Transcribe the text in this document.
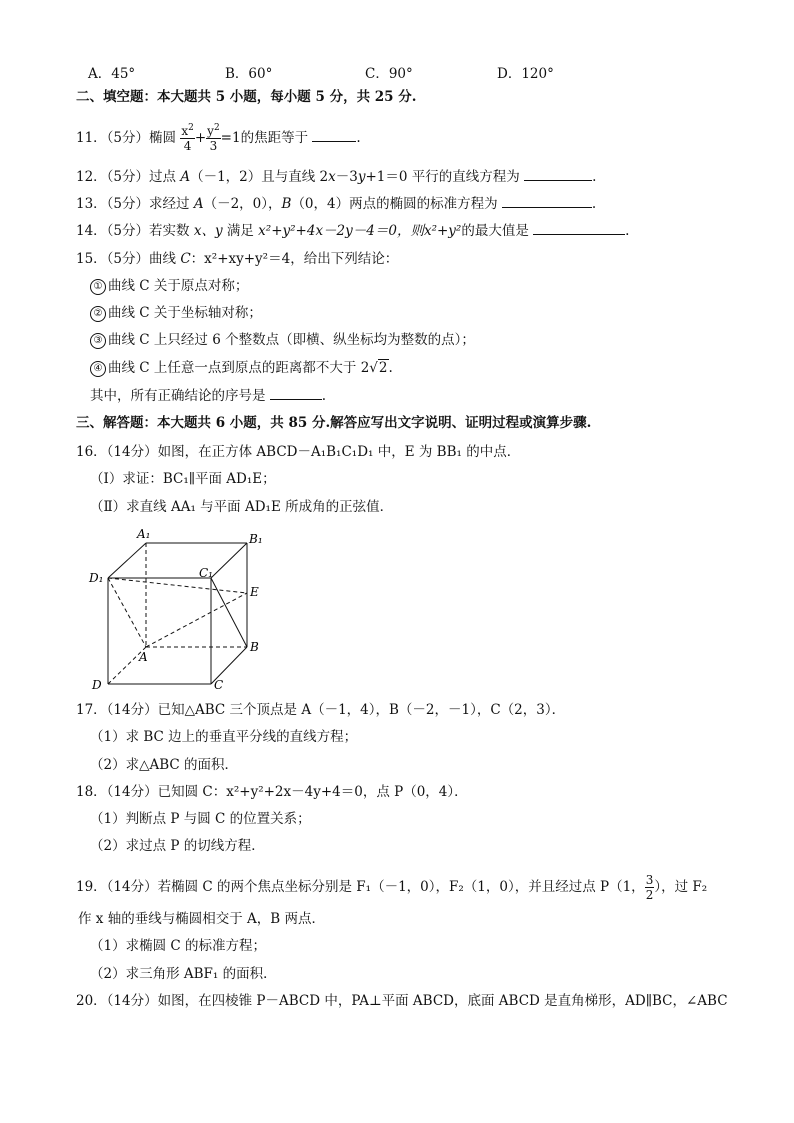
A．45°	B．60°	C．90°	D．120°
二、填空题：本大题共 5 小题，每小题 5 分，共 25 分.
11．（5分）椭圆 $\frac{x^2}{4} + \frac{y^2}{3} =1$的焦距等于	.
12．（5分）过点 A（－1，2）且与直线 2x－3y+1＝0 平行的直线方程为	.
13．（5分）求经过 A（－2，0），B（0，4）两点的椭圆的标准方程为	.
14．（5分）若实数 x、y 满足 x²+y²+4x－2y－4＝0，则x²+y²的最大值是	.
15．（5分）曲线 C：x²+xy+y²＝4，给出下列结论：
① 曲线 C 关于原点对称；
② 曲线 C 关于坐标轴对称；
③ 曲线 C 上只经过 6 个整数点（即横、纵坐标均为整数的点）；
④ 曲线 C 上任意一点到原点的距离都不大于 2√2.
其中，所有正确结论的序号是	.
三、解答题：本大题共 6 小题，共 85 分.解答应写出文字说明、证明过程或演算步骤.
16．（14分）如图，在正方体 ABCD－A₁B₁C₁D₁ 中，E 为 BB₁ 的中点．
（Ⅰ）求证：BC₁∥平面 AD₁E；
（Ⅱ）求直线 AA₁ 与平面 AD₁E 所成角的正弦值．
A₁	B₁
C₁
D₁
E
A
B
C
D
17．（14分）已知△ABC 三个顶点是 A（－1，4），B（－2，－1），C（2，3）．
（1）求 BC 边上的垂直平分线的直线方程；
（2）求△ABC 的面积．
18．（14分）已知圆 C：x²+y²+2x－4y+4＝0，点 P（0，4）．
（1）判断点 P 与圆 C 的位置关系；
（2）求过点 P 的切线方程．
19．（14分）若椭圆 C 的两个焦点坐标分别是 F₁（－1，0），F₂（1，0），并且经过点 P（1， $\frac{3}{2}$ ），过 F₂
作 x 轴的垂线与椭圆相交于 A，B 两点．
（1）求椭圆 C 的标准方程；
（2）求三角形 ABF₁ 的面积．
20．（14分）如图，在四棱锥 P－ABCD 中，PA⊥平面 ABCD，底面 ABCD 是直角梯形，AD∥BC，∠ABC
